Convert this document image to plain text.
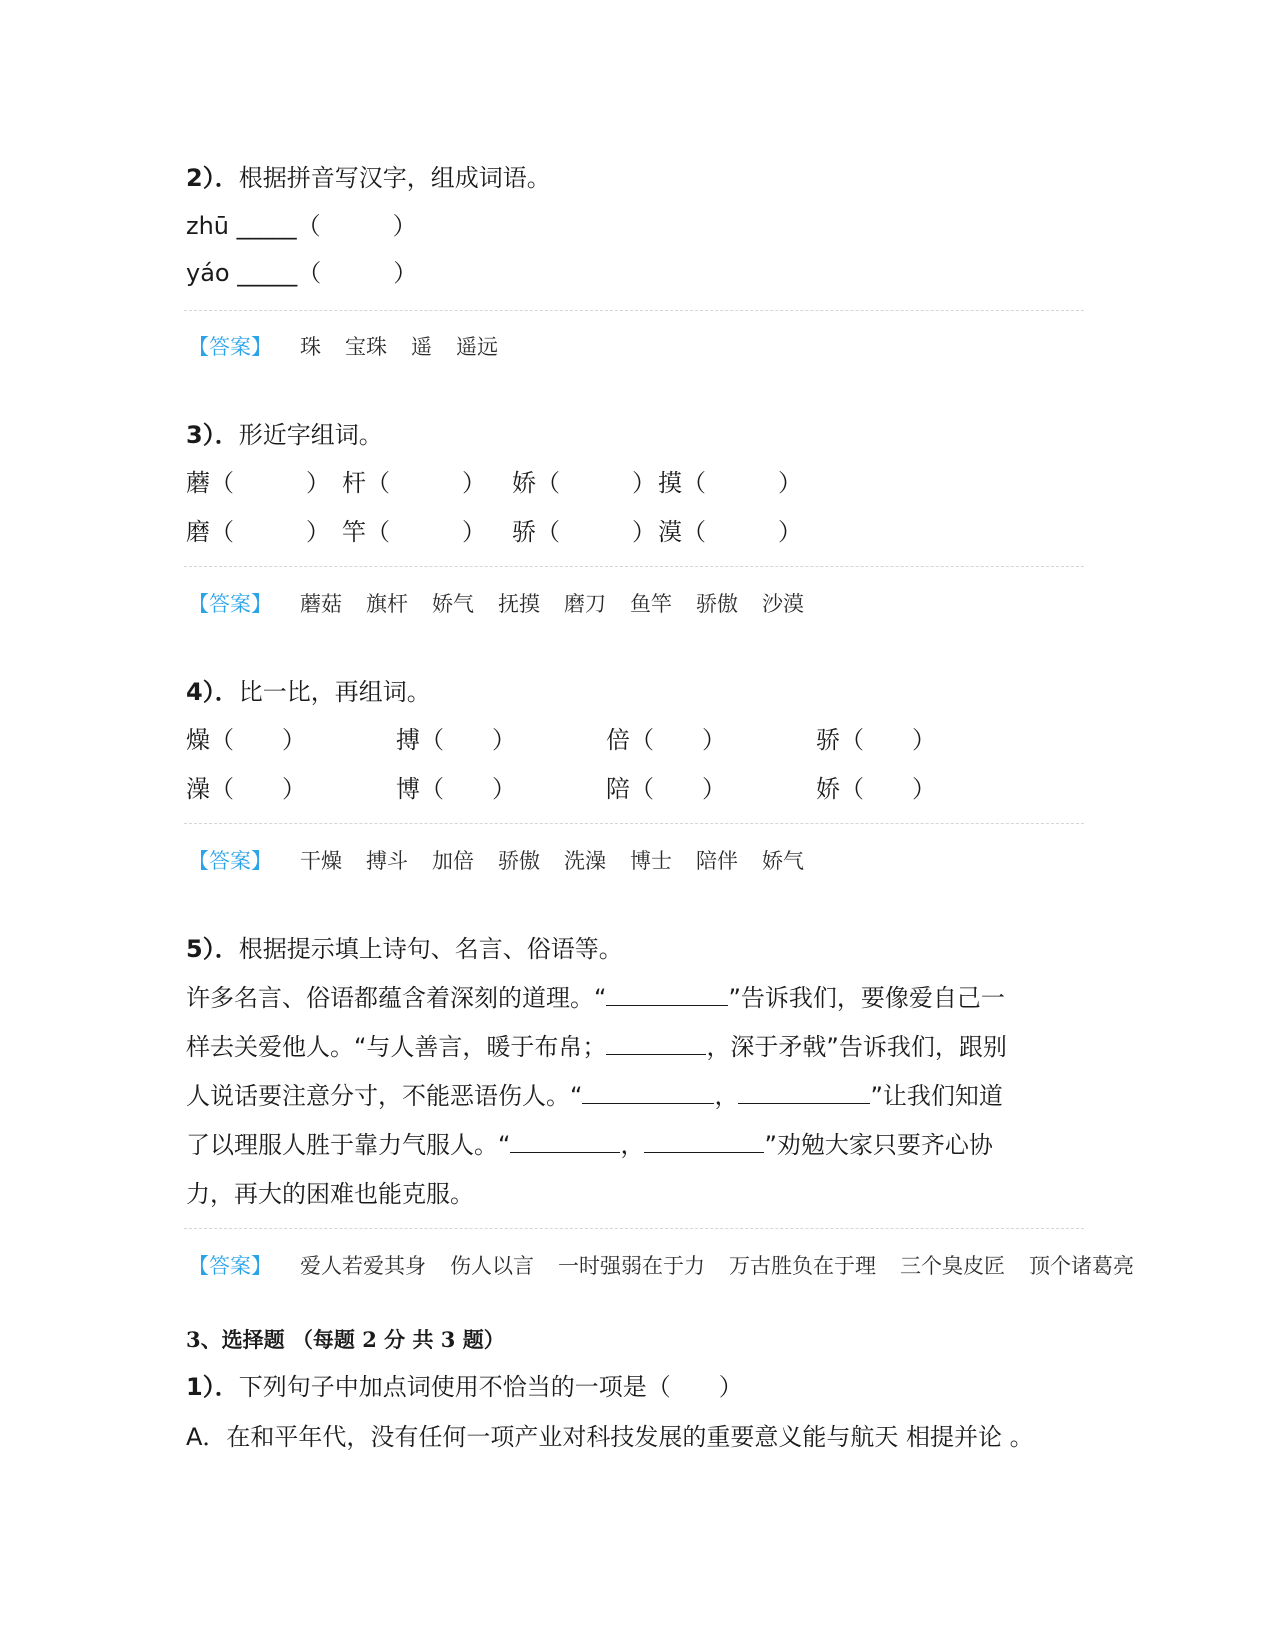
2）．根据拼音写汉字，组成词语。
zhū _____（　　　）
yáo _____（　　　）
【答案】 珠 宝珠 遥 遥远
3）．形近字组词。
蘑（　　　） 杆（　　　） 娇（　　　） 摸（　　　）
磨（　　　） 竿（　　　） 骄（　　　） 漠（　　　）
【答案】 蘑菇 旗杆 娇气 抚摸 磨刀 鱼竿 骄傲 沙漠
4）．比一比，再组词。
燥（　　）	搏（　　）	倍（　　）	骄（　　）
澡（　　）	博（　　）	陪（　　）	娇（　　）
【答案】 干燥 搏斗 加倍 骄傲 洗澡 博士 陪伴 娇气
5）．根据提示填上诗句、名言、俗语等。
许多名言、俗语都蕴含着深刻的道理。“	”告诉我们，要像爱自己一
样去关爱他人。“与人善言，暖于布帛；	，深于矛戟”告诉我们，跟别
人说话要注意分寸，不能恶语伤人。“	，	”让我们知道
了以理服人胜于靠力气服人。“	，	”劝勉大家只要齐心协
力，再大的困难也能克服。
【答案】 爱人若爱其身 伤人以言 一时强弱在于力 万古胜负在于理 三个臭皮匠 顶个诸葛亮
3、选择题 （每题 2 分 共 3 题）
1）．下列句子中加点词使用不恰当的一项是（　　）
A．在和平年代，没有任何一项产业对科技发展的重要意义能与航天 相提并论 。
